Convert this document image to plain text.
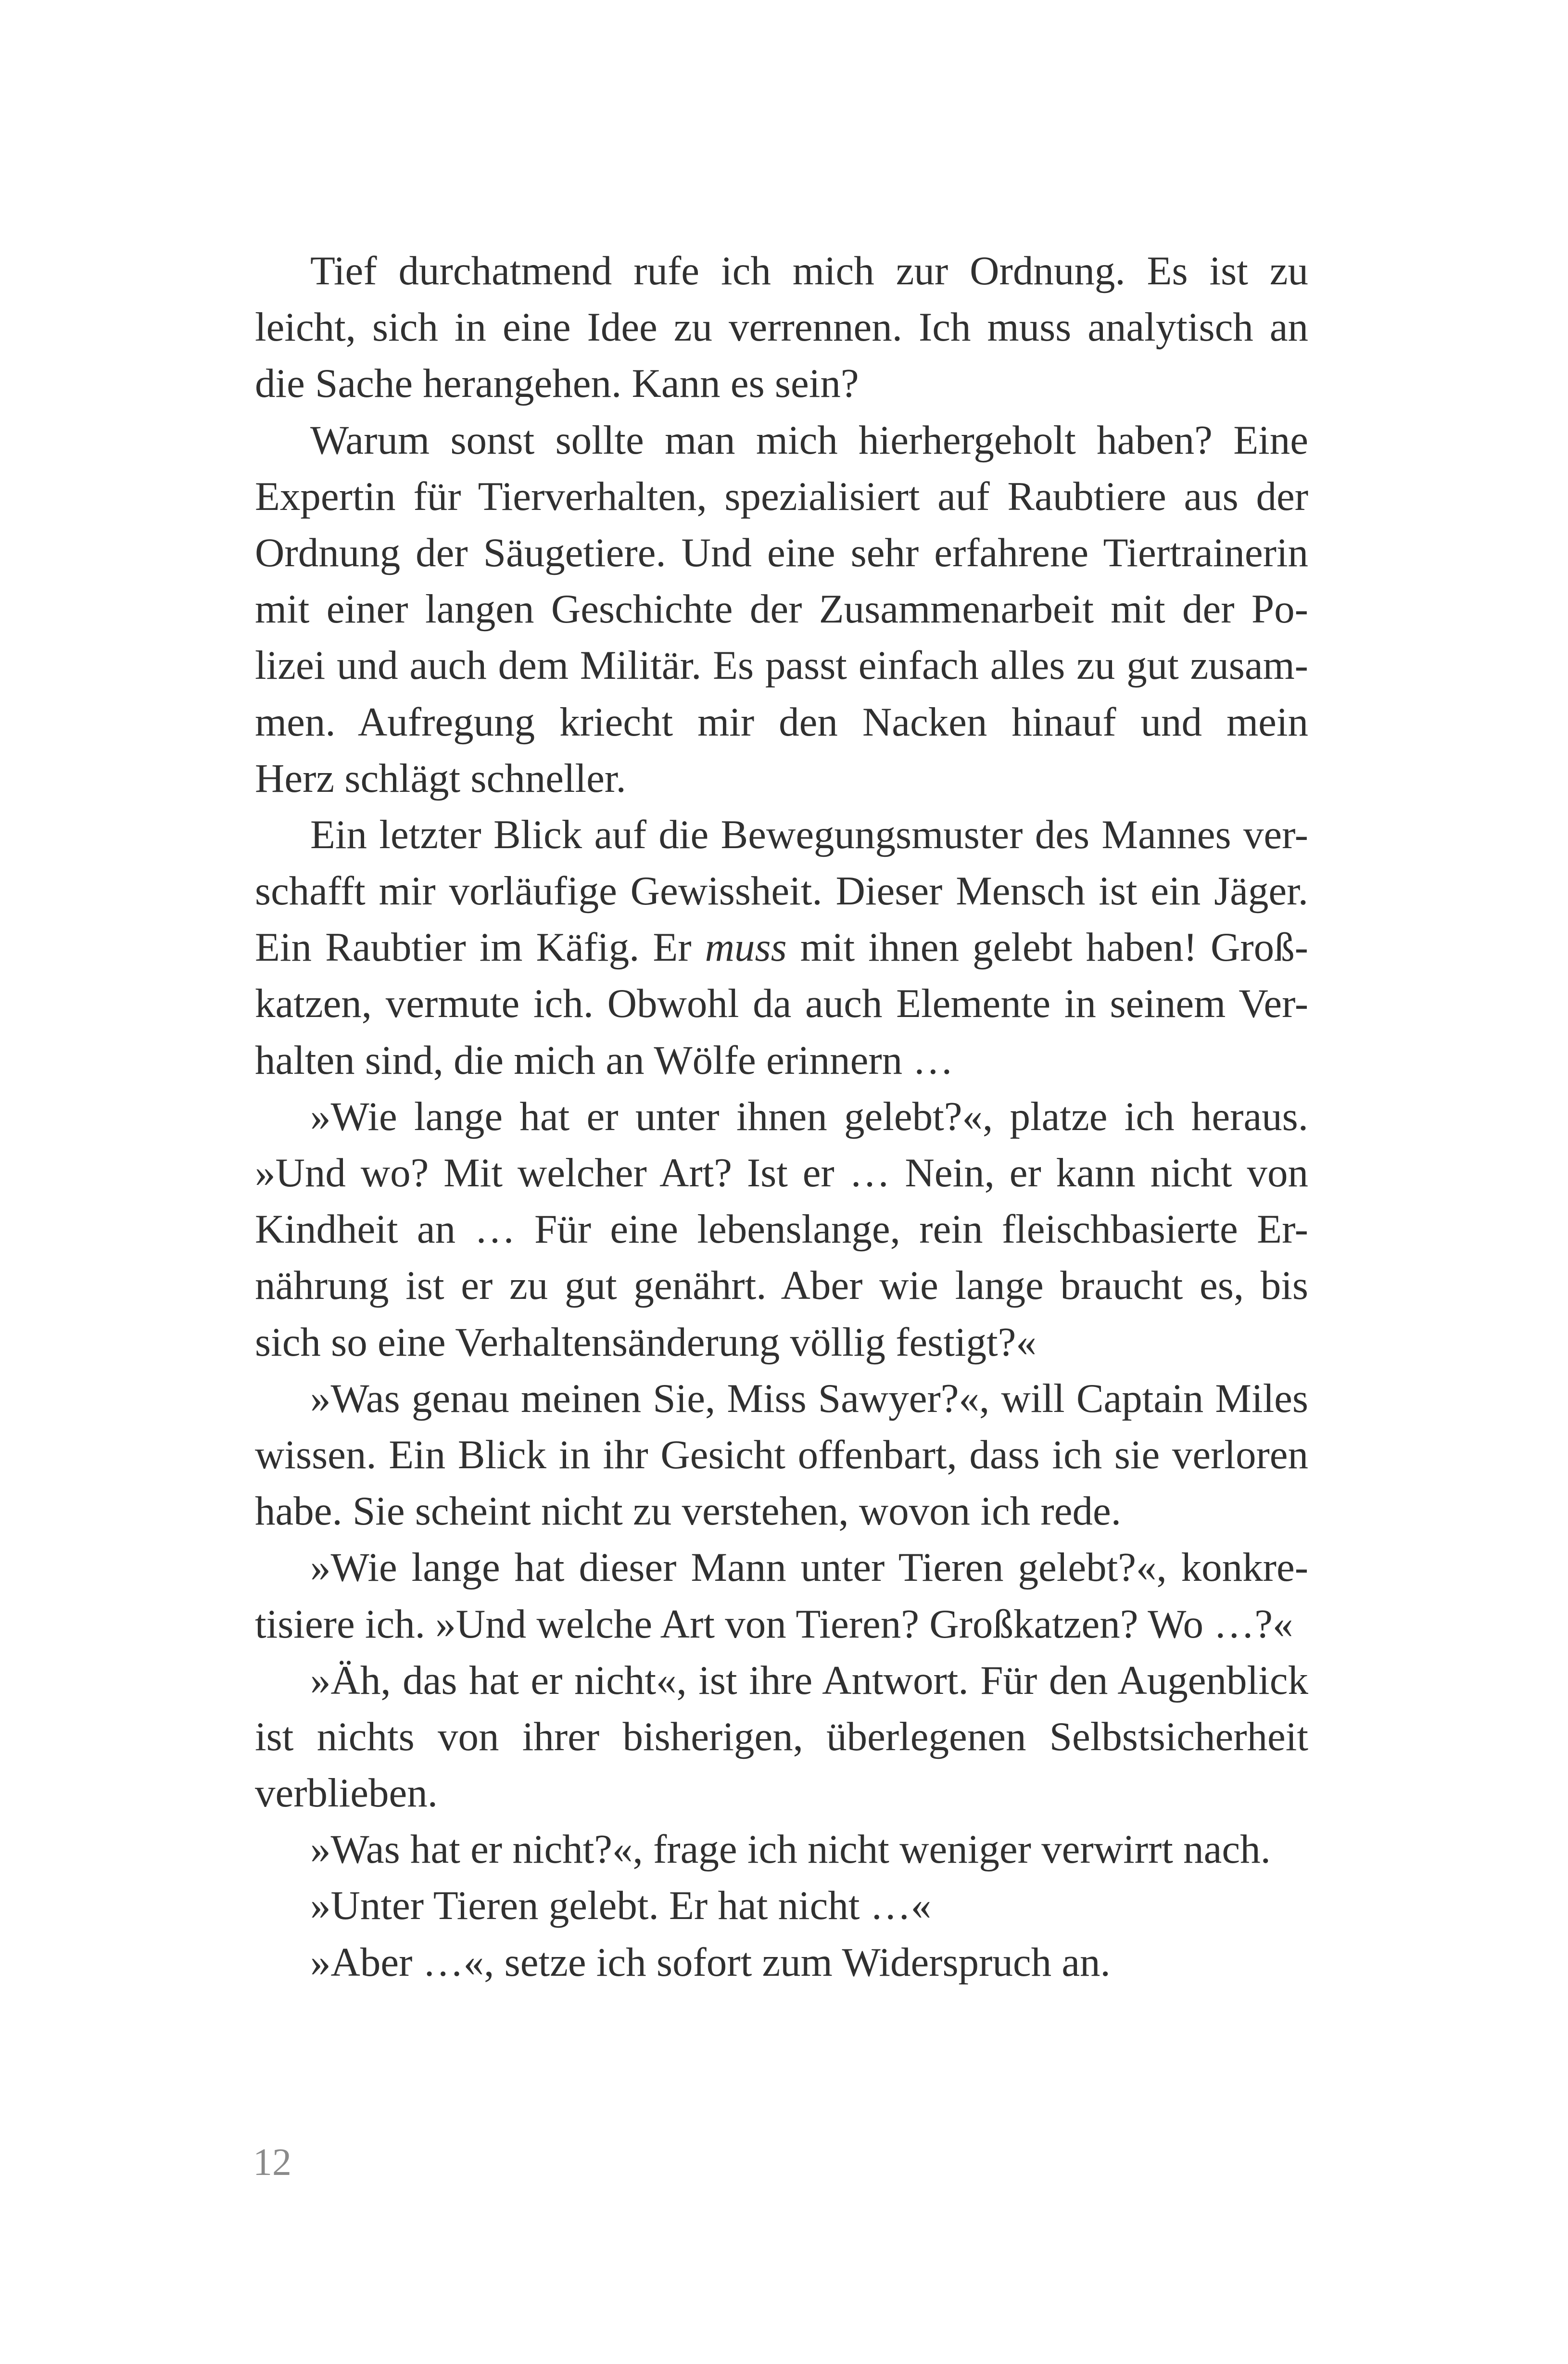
Tief durchatmend rufe ich mich zur Ordnung. Es ist zu
leicht, sich in eine Idee zu verrennen. Ich muss analytisch an
die Sache herangehen. Kann es sein?
Warum sonst sollte man mich hierhergeholt haben? Eine
Expertin für Tierverhalten, spezialisiert auf Raubtiere aus der
Ordnung der Säugetiere. Und eine sehr erfahrene Tiertrainerin
mit einer langen Geschichte der Zusammenarbeit mit der Po-
lizei und auch dem Militär. Es passt einfach alles zu gut zusam-
men. Aufregung kriecht mir den Nacken hinauf und mein
Herz schlägt schneller.
Ein letzter Blick auf die Bewegungsmuster des Mannes ver-
schafft mir vorläufige Gewissheit. Dieser Mensch ist ein Jäger.
Ein Raubtier im Käfig. Er muss mit ihnen gelebt haben! Groß-
katzen, vermute ich. Obwohl da auch Elemente in seinem Ver-
halten sind, die mich an Wölfe erinnern …
»Wie lange hat er unter ihnen gelebt?«, platze ich heraus.
»Und wo? Mit welcher Art? Ist er … Nein, er kann nicht von
Kindheit an … Für eine lebenslange, rein fleischbasierte Er-
nährung ist er zu gut genährt. Aber wie lange braucht es, bis
sich so eine Verhaltensänderung völlig festigt?«
»Was genau meinen Sie, Miss Sawyer?«, will Captain Miles
wissen. Ein Blick in ihr Gesicht offenbart, dass ich sie verloren
habe. Sie scheint nicht zu verstehen, wovon ich rede.
»Wie lange hat dieser Mann unter Tieren gelebt?«, konkre-
tisiere ich. »Und welche Art von Tieren? Großkatzen? Wo …?«
»Äh, das hat er nicht«, ist ihre Antwort. Für den Augenblick
ist nichts von ihrer bisherigen, überlegenen Selbstsicherheit
verblieben.
»Was hat er nicht?«, frage ich nicht weniger verwirrt nach.
»Unter Tieren gelebt. Er hat nicht …«
»Aber …«, setze ich sofort zum Widerspruch an.
12
